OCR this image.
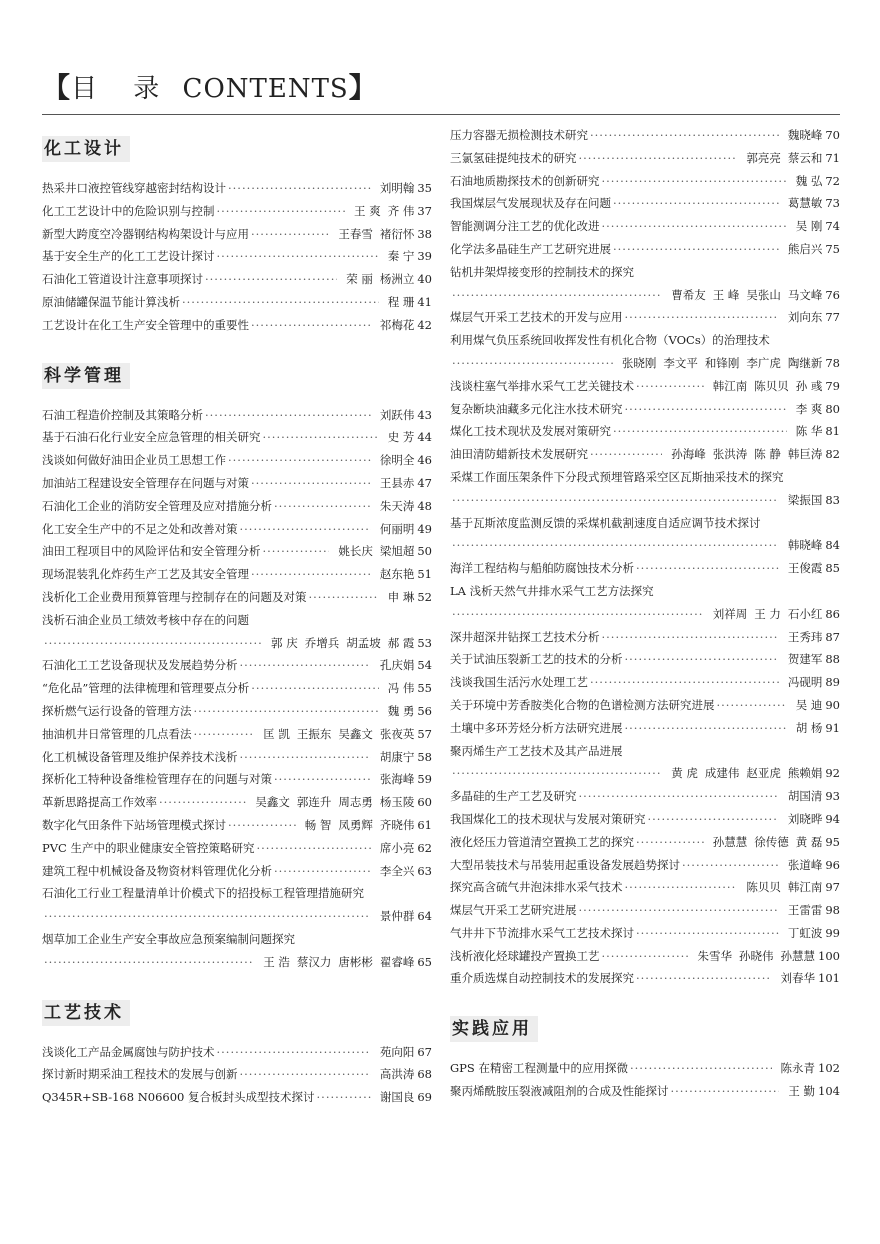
【目 录 CONTENTS】
化工设计
热采井口液控管线穿越密封结构设计 ·····	刘明翰 35
化工工艺设计中的危险识别与控制 ·····	王 爽 齐 伟 37
新型大跨度空冷器钢结构构架设计与应用 ·····	王春雪 褚衍怀 38
基于安全生产的化工工艺设计探讨 ·····	秦 宁 39
石油化工管道设计注意事项探讨 ·····	荣 丽 杨洲立 40
原油储罐保温节能计算浅析 ·····	程 珊 41
工艺设计在化工生产安全管理中的重要性 ·····	祁梅花 42
科学管理
石油工程造价控制及其策略分析 ·····	刘跃伟 43
基于石油石化行业安全应急管理的相关研究 ·····	史 芳 44
浅谈如何做好油田企业员工思想工作 ·····	徐明全 46
加油站工程建设安全管理存在问题与对策 ·····	王县赤 47
石油化工企业的消防安全管理及应对措施分析 ·····	朱天涛 48
化工安全生产中的不足之处和改善对策 ·····	何丽明 49
油田工程项目中的风险评估和安全管理分析 ·····	姚长庆 梁旭超 50
现场混装乳化炸药生产工艺及其安全管理 ·····	赵东艳 51
浅析化工企业费用预算管理与控制存在的问题及对策 ·····	申 琳 52
浅析石油企业员工绩效考核中存在的问题
·····
郭 庆 乔增兵 胡孟坡 郝 霞 53
石油化工工艺设备现状及发展趋势分析 ·····	孔庆娟 54
“危化品”管理的法律梳理和管理要点分析 ·····	冯 伟 55
探析燃气运行设备的管理方法 ·····	魏 勇 56
抽油机井日常管理的几点看法 ·····	匡 凯 王振东 吴鑫文 张夜英 57
化工机械设备管理及维护保养技术浅析 ·····	胡康宁 58
探析化工特种设备维检管理存在的问题与对策 ·····	张海峰 59
革新思路提高工作效率 ·····	吴鑫文 郭连升 周志勇 杨玉陵 60
数字化气田条件下站场管理模式探讨 ·····	畅 智 凤勇辉 齐晓伟 61
PVC 生产中的职业健康安全管控策略研究 ·····	席小亮 62
建筑工程中机械设备及物资材料管理优化分析 ·····	李全兴 63
石油化工行业工程量清单计价模式下的招投标工程管理措施研究
·····
景仲群 64
烟草加工企业生产安全事故应急预案编制问题探究
·····
王 浩 蔡汉力 唐彬彬 翟睿峰 65
工艺技术
浅谈化工产品金属腐蚀与防护技术 ·····	苑向阳 67
探讨新时期采油工程技术的发展与创新 ·····	高洪涛 68
Q345R+SB-168 N06600 复合板封头成型技术探讨 ·····	谢国良 69
压力容器无损检测技术研究 ·····	魏晓峰 70
三氯氢硅提纯技术的研究 ·····	郭亮亮 蔡云和 71
石油地质勘探技术的创新研究 ·····	魏 弘 72
我国煤层气发展现状及存在问题 ·····	葛慧敏 73
智能测调分注工艺的优化改进 ·····	吴 刚 74
化学法多晶硅生产工艺研究进展 ·····	熊启兴 75
钻机井架焊接变形的控制技术的探究
·····
曹希友 王 峰 吴张山 马文峰 76
煤层气开采工艺技术的开发与应用 ·····	刘向东 77
利用煤气负压系统回收挥发性有机化合物（VOCs）的治理技术
·····
张晓刚 李文平 和锋刚 李广虎 陶继新 78
浅谈柱塞气举排水采气工艺关键技术 ·····	韩江南 陈贝贝 孙 彧 79
复杂断块油藏多元化注水技术研究 ·····	李 爽 80
煤化工技术现状及发展对策研究 ·····	陈 华 81
油田清防蜡新技术发展研究 ·····	孙海峰 张洪涛 陈 静 韩巨涛 82
采煤工作面压架条件下分段式预埋管路采空区瓦斯抽采技术的探究
·····
梁振国 83
基于瓦斯浓度监测反馈的采煤机截割速度自适应调节技术探讨
·····
韩晓峰 84
海洋工程结构与船舶防腐蚀技术分析 ·····	王俊霞 85
LA 浅析天然气井排水采气工艺方法探究
·····
刘祥周 王 力 石小红 86
深井超深井钻探工艺技术分析 ·····	王秀玮 87
关于试油压裂新工艺的技术的分析 ·····	贺建军 88
浅谈我国生活污水处理工艺 ·····	冯砚明 89
关于环境中芳香胺类化合物的色谱检测方法研究进展 ·····	吴 迪 90
土壤中多环芳烃分析方法研究进展 ·····	胡 杨 91
聚丙烯生产工艺技术及其产品进展
·····
黄 虎 成建伟 赵亚虎 熊赖娟 92
多晶硅的生产工艺及研究 ·····	胡国清 93
我国煤化工的技术现状与发展对策研究 ·····	刘晓晔 94
液化烃压力管道清空置换工艺的探究 ·····	孙慧慧 徐传德 黄 磊 95
大型吊装技术与吊装用起重设备发展趋势探讨 ·····	张道峰 96
探究高含硫气井泡沫排水采气技术 ·····	陈贝贝 韩江南 97
煤层气开采工艺研究进展 ·····	王雷雷 98
气井井下节流排水采气工艺技术探讨 ·····	丁虹波 99
浅析液化烃球罐投产置换工艺 ·····	朱雪华 孙晓伟 孙慧慧 100
重介质选煤自动控制技术的发展探究 ·····	刘春华 101
实践应用
GPS 在精密工程测量中的应用探微 ·····	陈永青 102
聚丙烯酰胺压裂液减阻剂的合成及性能探讨 ·····	王 勤 104
